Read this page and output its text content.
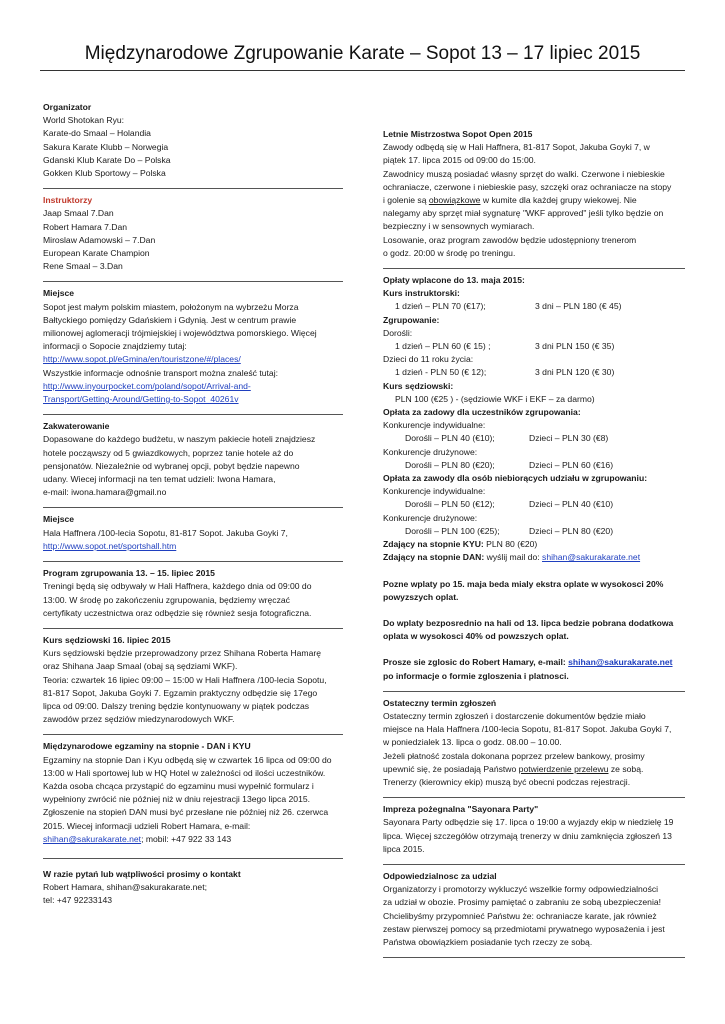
Międzynarodowe Zgrupowanie Karate – Sopot 13 – 17 lipiec 2015
Organizator
World Shotokan Ryu:
Karate-do Smaal – Holandia
Sakura Karate Klubb – Norwegia
Gdanski Klub Karate Do – Polska
Gokken Klub Sportowy – Polska
Instruktorzy
Jaap Smaal 7.Dan
Robert Hamara 7.Dan
Miroslaw Adamowski – 7.Dan
European Karate Champion
Rene Smaal – 3.Dan
Miejsce
Sopot jest małym polskim miastem, położonym na wybrzeżu Morza
Bałtyckiego pomiędzy Gdańskiem i Gdynią. Jest w centrum prawie
milionowej aglomeracji trójmiejskiej i województwa pomorskiego. Więcej
informacji o Sopocie znajdziemy tutaj:
http://www.sopot.pl/eGmina/en/touristzone/#/places/
Wszystkie informacje odnośnie transport można znaleść tutaj:
http://www.inyourpocket.com/poland/sopot/Arrival-and-
Transport/Getting-Around/Getting-to-Sopot_40261v
Zakwaterowanie
Dopasowane do każdego budżetu, w naszym pakiecie hoteli znajdziesz
hotele począwszy od 5 gwiazdkowych, poprzez tanie hotele aż do
pensjonatów. Niezależnie od wybranej opcji, pobyt będzie napewno
udany. Wiecej informacji na ten temat udzieli: Iwona Hamara,
e-mail: iwona.hamara@gmail.no
Miejsce
Hala Haffnera /100-lecia Sopotu, 81-817 Sopot. Jakuba Goyki 7,
http://www.sopot.net/sportshall.htm
Program zgrupowania 13. – 15. lipiec 2015
Treningi będą się odbywały w Hali Haffnera, każdego dnia od 09:00 do
13:00. W środę po zakończeniu zgrupowania, będziemy wręczać
certyfikaty uczestnictwa oraz odbędzie się również sesja fotograficzna.
Kurs sędziowski 16. lipiec 2015
Kurs sędziowski będzie przeprowadzony przez Shihana Roberta Hamarę
oraz Shihana Jaap Smaal (obaj są sędziami WKF).
Teoria: czwartek 16 lipiec 09:00 – 15:00 w Hali Haffnera /100-lecia Sopotu,
81-817 Sopot, Jakuba Goyki 7. Egzamin praktyczny odbędzie się 17ego
lipca od 09:00. Dalszy trening będzie kontynuowany w piątek podczas
zawodów przez sędziów miedzynarodowych WKF.
Międzynarodowe egzaminy na stopnie - DAN i KYU
Egzaminy na stopnie Dan i Kyu odbędą się w czwartek 16 lipca od 09:00 do
13:00 w Hali sportowej lub w HQ Hotel w zależności od ilości uczestników.
Każda osoba chcąca przystąpić do egzaminu musi wypełnić formularz i
wypełniony zwrócić nie później niż w dniu rejestracji 13ego lipca 2015.
Zgłoszenie na stopień DAN musi być przesłane nie później niż 26. czerwca
2015. Wiecej informacji udzieli Robert Hamara, e-mail:
shihan@sakurakarate.net; mobil: +47 922 33 143
W razie pytań lub wątpliwości prosimy o kontakt
Robert Hamara, shihan@sakurakarate.net;
tel: +47 92233143
Letnie Mistrzostwa Sopot Open 2015
Zawody odbędą się w Hali Haffnera, 81-817 Sopot, Jakuba Goyki 7, w
piątek 17. lipca 2015 od 09:00 do 15:00.
Zawodnicy muszą posiadać własny sprzęt do walki. Czerwone i niebieskie
ochraniacze, czerwone i niebieskie pasy, szczęki oraz ochraniacze na stopy
i golenie są obowiązkowe w kumite dla każdej grupy wiekowej. Nie
nalegamy aby sprzęt miał sygnaturę "WKF approved" jeśli tylko będzie on
bezpieczny i w sensownych wymiarach.
Losowanie, oraz program zawodów będzie udostępniony trenerom
o godz. 20:00 w środę po treningu.
Opłaty wplacone do 13. maja 2015:
Kurs instruktorski:
1 dzień – PLN 70 (€17);	3 dni – PLN 180 (€ 45)
Zgrupowanie:
Dorośli:
1 dzień – PLN 60 (€ 15) ;	3 dni PLN 150 (€ 35)
Dzieci do 11 roku życia:
1 dzień - PLN 50 (€ 12);	3 dni PLN 120 (€ 30)
Kurs sędziowski:
PLN 100 (€25 ) - (sędziowie WKF i EKF – za darmo)
Opłata za zadowy dla uczestników zgrupowania:
Konkurencje indywidualne:
Dorośli – PLN 40 (€10);	Dzieci – PLN 30 (€8)
Konkurencje drużynowe:
Dorośli – PLN 80 (€20);	Dzieci – PLN 60 (€16)
Opłata za zawody dla osób niebiorących udziału w zgrupowaniu:
Konkurencje indywidualne:
Dorośli – PLN 50 (€12);	Dzieci – PLN 40 (€10)
Konkurencje drużynowe:
Dorośli – PLN 100 (€25);	Dzieci – PLN 80 (€20)
Zdający na stopnie KYU: PLN 80 (€20)
Zdający na stopnie DAN: wyślij mail do: shihan@sakurakarate.net
Pozne wplaty po 15. maja beda mialy ekstra oplate w wysokosci 20%
powyzszych oplat.
Do wplaty bezposrednio na hali od 13. lipca bedzie pobrana dodatkowa
oplata w wysokosci 40% od powzszych oplat.
Prosze sie zglosic do Robert Hamary, e-mail: shihan@sakurakarate.net
po informacje o formie zgloszenia i platnosci.
Ostateczny termin zgłoszeń
Ostateczny termin zgłoszeń i dostarczenie dokumentów będzie miało
miejsce na Hala Haffnera /100-lecia Sopotu, 81-817 Sopot. Jakuba Goyki 7,
w poniedzialek 13. lipca o godz. 08.00 – 10.00.
Jeżeli płatność zostala dokonana poprzez przelew bankowy, prosimy
upewnić się, że posiadają Państwo potwierdzenie przelewu ze sobą.
Trenerzy (kierownicy ekip) muszą być obecni podczas rejestracji.
Impreza pożegnalna "Sayonara Party"
Sayonara Party odbędzie się 17. lipca o 19:00 a wyjazdy ekip w niedzielę 19
lipca. Więcej szczegółów otrzymają trenerzy w dniu zamknięcia zgłoszeń 13
lipca 2015.
Odpowiedzialnosc za udzial
Organizatorzy i promotorzy wykluczyć wszelkie formy odpowiedzialności
za udział w obozie. Prosimy pamiętać o zabraniu ze sobą ubezpieczenia!
Chcielibyśmy przypomnieć Państwu że: ochraniacze karate, jak również
zestaw pierwszej pomocy są przedmiotami prywatnego wyposażenia i jest
Państwa obowiązkiem posiadanie tych rzeczy ze sobą.
